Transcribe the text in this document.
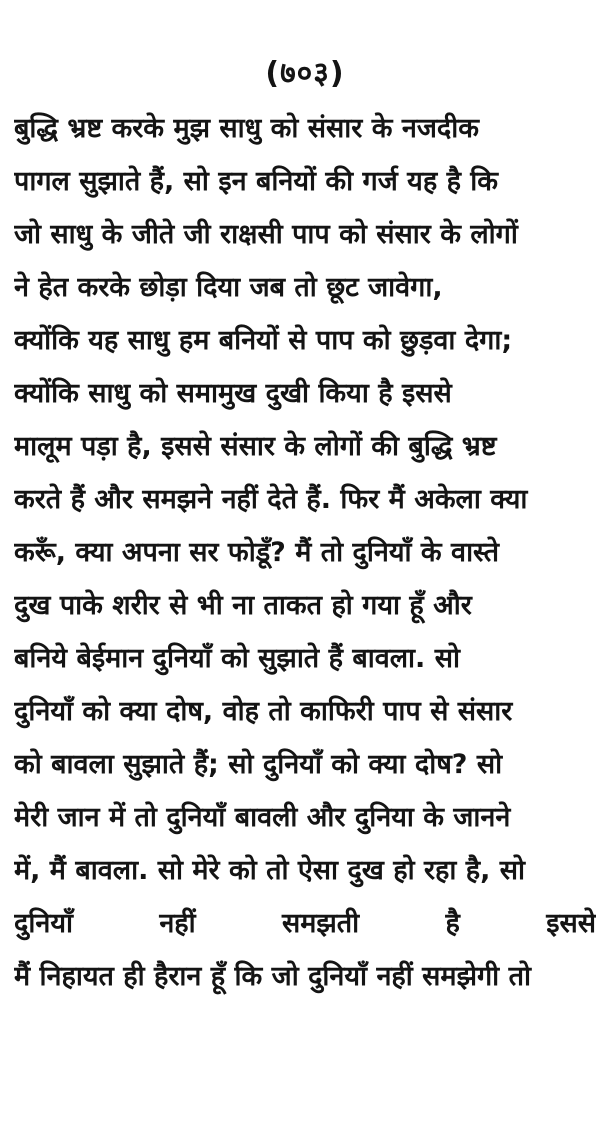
(७०३)
बुद्धि भ्रष्ट करके मुझ साधु को संसार के नजदीक
पागल सुझाते हैं, सो इन बनियों की गर्ज यह है कि
जो साधु के जीते जी राक्षसी पाप को संसार के लोगों
ने हेत करके छोड़ा दिया जब तो छूट जावेगा,
क्योंकि यह साधु हम बनियों से पाप को छुड़वा देगा;
क्योंकि साधु को समामुख दुखी किया है इससे
मालूम पड़ा है, इससे संसार के लोगों की बुद्धि भ्रष्ट
करते हैं और समझने नहीं देते हैं. फिर मैं अकेला क्या
करूँ, क्या अपना सर फोडूँ? मैं तो दुनियाँ के वास्ते
दुख पाके शरीर से भी ना ताकत हो गया हूँ और
बनिये बेईमान दुनियाँ को सुझाते हैं बावला. सो
दुनियाँ को क्या दोष, वोह तो काफिरी पाप से संसार
को बावला सुझाते हैं; सो दुनियाँ को क्या दोष? सो
मेरी जान में तो दुनियाँ बावली और दुनिया के जानने
में, मैं बावला. सो मेरे को तो ऐसा दुख हो रहा है, सो
दुनियाँ	नहीं	समझती	है	इससे
मैं निहायत ही हैरान हूँ कि जो दुनियाँ नहीं समझेगी तो
